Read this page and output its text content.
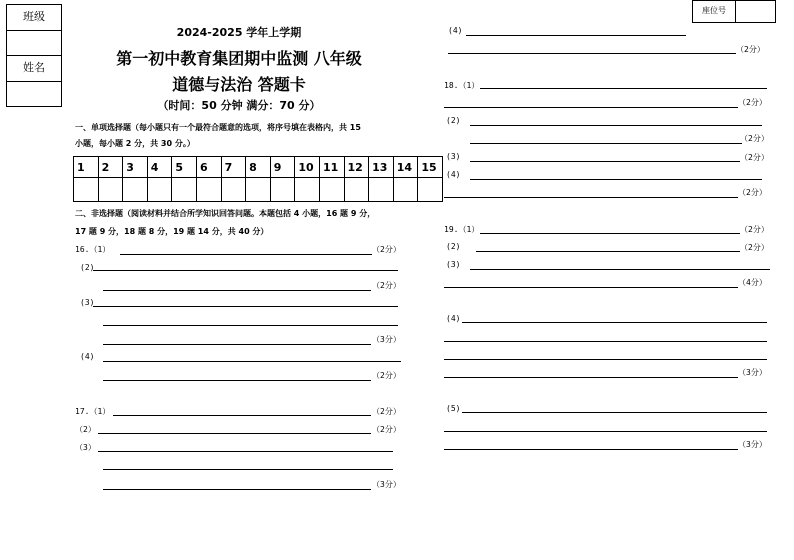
班级
姓名
座位号
2024-2025 学年上学期
第一初中教育集团期中监测 八年级
道德与法治 答题卡
（时间：50 分钟 满分：70 分）
一、单项选择题（每小题只有一个最符合题意的选项，将序号填在表格内，共 15
小题，每小题 2 分，共 30 分。）
1	2	3	4	5	6	7	8	9	10	11	12	13	14	15

二、非选择题（阅读材料并结合所学知识回答问题。本题包括 4 小题，16 题 9 分，
17 题 9 分，18 题 8 分，19 题 14 分，共 40 分）
16.（1）	（2分）
(2)
（2分）
(3)
（3分）
(4)
（2分）
17.（1）	（2分）
（2）	（2分）
（3）
（3分）
(4)
（2分）
18.（1）
（2分）
(2)
（2分）
(3)	（2分）
(4)
（2分）
19.（1）	（2分）
(2)	（2分）
(3)
（4分）
(4)
（3分）
(5)
（3分）
